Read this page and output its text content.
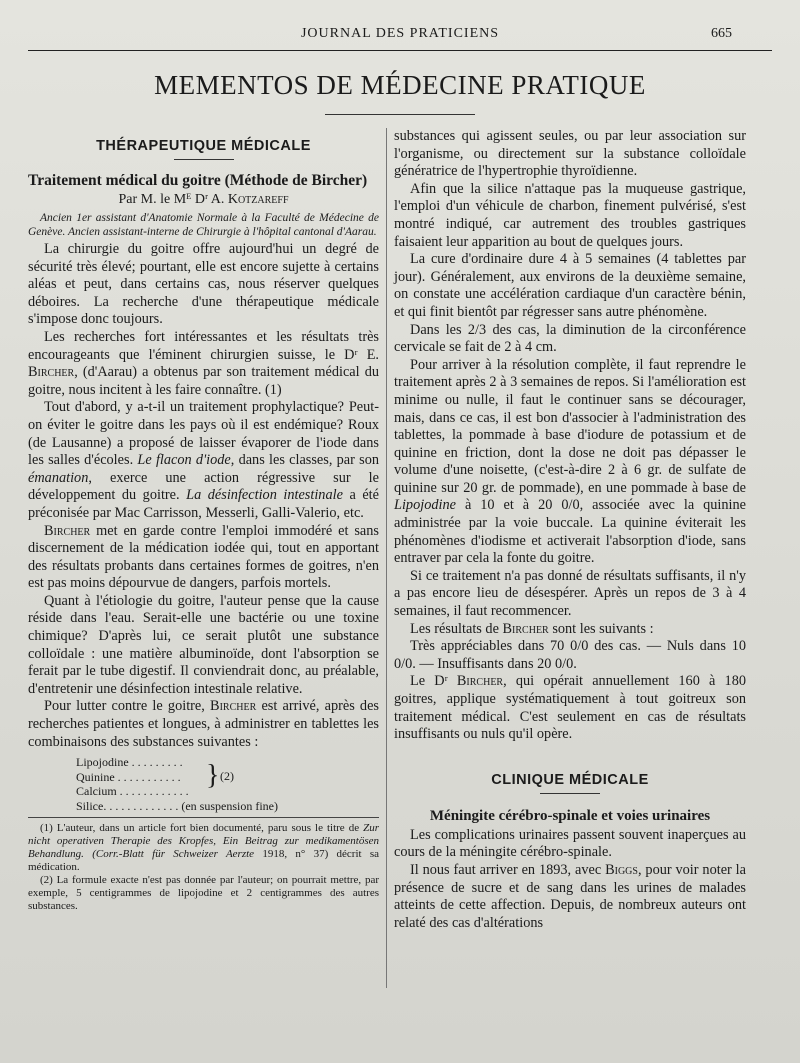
JOURNAL DES PRATICIENS	665
MEMENTOS DE MÉDECINE PRATIQUE
THÉRAPEUTIQUE MÉDICALE
Traitement médical du goitre (Méthode de Bircher)
Par M. le Mᴱ Dʳ A. Kotzareff
Ancien 1er assistant d'Anatomie Normale à la Faculté de Médecine de Genève. Ancien assistant-interne de Chirurgie à l'hôpital cantonal d'Aarau.

La chirurgie du goitre offre aujourd'hui un degré de sécurité très élevé; pourtant, elle est encore sujette à certains aléas et peut, dans certains cas, nous réserver quelques déboires. La recherche d'une thérapeutique médicale s'impose donc toujours.

Les recherches fort intéressantes et les résultats très encourageants que l'éminent chirurgien suisse, le Dʳ E. Bircher, (d'Aarau) a obtenus par son traitement médical du goitre, nous incitent à les faire connaître. (1)

Tout d'abord, y a-t-il un traitement prophylactique? Peut-on éviter le goitre dans les pays où il est endémique? Roux (de Lausanne) a proposé de laisser évaporer de l'iode dans les salles d'écoles. Le flacon d'iode, dans les classes, par son émanation, exerce une action régressive sur le développement du goitre. La désinfection intestinale a été préconisée par Mac Carrisson, Messerli, Galli-Valerio, etc.

Bircher met en garde contre l'emploi immodéré et sans discernement de la médication iodée qui, tout en apportant des résultats probants dans certaines formes de goitres, n'en est pas moins dépourvue de dangers, parfois mortels.

Quant à l'étiologie du goitre, l'auteur pense que la cause réside dans l'eau. Serait-elle une bactérie ou une toxine chimique? D'après lui, ce serait plutôt une substance colloïdale : une matière albuminoïde, dont l'absorption se ferait par le tube digestif. Il conviendrait donc, au préalable, d'entretenir une désinfection intestinale relative.

Pour lutter contre le goitre, Bircher est arrivé, après des recherches patientes et longues, à administrer en tablettes les combinaisons des substances suivantes :

Lipojodine . . . . . . . . .
Quinine . . . . . . . . . . .
Calcium . . . . . . . . . . . .
Silice. . . . . . . . . . . . . (en suspension fine)
} (2)

(1) L'auteur, dans un article fort bien documenté, paru sous le titre de Zur nicht operativen Therapie des Kropfes, Ein Beitrag zur medikamentösen Behandlung. (Corr.-Blatt für Schweizer Aerzte 1918, n° 37) décrit sa médication.

(2) La formule exacte n'est pas donnée par l'auteur; on pourrait mettre, par exemple, 5 centigrammes de lipojodine et 2 centigrammes des autres substances.

substances qui agissent seules, ou par leur association sur l'organisme, ou directement sur la substance colloïdale génératrice de l'hypertrophie thyroïdienne.

Afin que la silice n'attaque pas la muqueuse gastrique, l'emploi d'un véhicule de charbon, finement pulvérisé, s'est montré indiqué, car autrement des troubles gastriques faisaient leur apparition au bout de quelques jours.

La cure d'ordinaire dure 4 à 5 semaines (4 tablettes par jour). Généralement, aux environs de la deuxième semaine, on constate une accélération cardiaque d'un caractère bénin, et qui finit bientôt par régresser sans autre phénomène.

Dans les 2/3 des cas, la diminution de la circonférence cervicale se fait de 2 à 4 cm.

Pour arriver à la résolution complète, il faut reprendre le traitement après 2 à 3 semaines de repos. Si l'amélioration est minime ou nulle, il faut le continuer sans se décourager, mais, dans ce cas, il est bon d'associer à l'administration des tablettes, la pommade à base d'iodure de potassium et de quinine en friction, dont la dose ne doit pas dépasser le volume d'une noisette, (c'est-à-dire 2 à 6 gr. de sulfate de quinine sur 20 gr. de pommade), en une pommade à base de Lipojodine à 10 et à 20 0/0, associée avec la quinine administrée par la voie buccale. La quinine éviterait les phénomènes d'iodisme et activerait l'absorption d'iode, sans entraver par cela la fonte du goitre.

Si ce traitement n'a pas donné de résultats suffisants, il n'y a pas encore lieu de désespérer. Après un repos de 3 à 4 semaines, il faut recommencer.

Les résultats de Bircher sont les suivants :

Très appréciables dans 70 0/0 des cas. — Nuls dans 10 0/0. — Insuffisants dans 20 0/0.

Le Dʳ Bircher, qui opérait annuellement 160 à 180 goitres, applique systématiquement à tout goitreux son traitement médical. C'est seulement en cas de résultats insuffisants ou nuls qu'il opère.

CLINIQUE MÉDICALE
Méningite cérébro-spinale et voies urinaires

Les complications urinaires passent souvent inaperçues au cours de la méningite cérébro-spinale.

Il nous faut arriver en 1893, avec Biggs, pour voir noter la présence de sucre et de sang dans les urines de malades atteints de cette affection. Depuis, de nombreux auteurs ont relaté des cas d'altérations
